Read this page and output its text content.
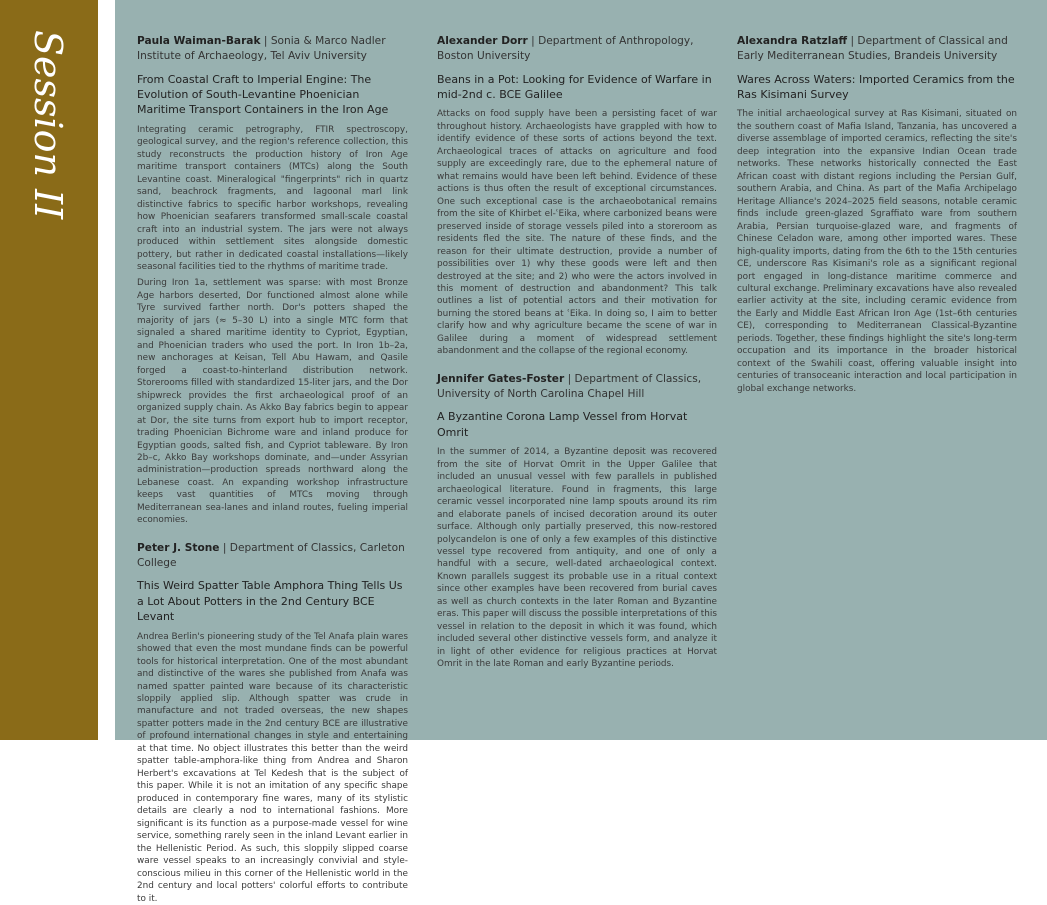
Session II	Paula Waiman-Barak | Sonia & Marco Nadler Institute of Archaeology, Tel Aviv University

From Coastal Craft to Imperial Engine: The Evolution of South-Levantine Phoenician Maritime Transport Containers in the Iron Age

Integrating ceramic petrography, FTIR spectroscopy, geological survey, and the region's reference collection, this study reconstructs the production history of Iron Age maritime transport containers (MTCs) along the South Levantine coast. Mineralogical "fingerprints" rich in quartz sand, beachrock fragments, and lagoonal marl link distinctive fabrics to specific harbor workshops, revealing how Phoenician seafarers transformed small-scale coastal craft into an industrial system. The jars were not always produced within settlement sites alongside domestic pottery, but rather in dedicated coastal installations—likely seasonal facilities tied to the rhythms of maritime trade.

During Iron 1a, settlement was sparse: with most Bronze Age harbors deserted, Dor functioned almost alone while Tyre survived farther north. Dor's potters shaped the majority of jars (≈ 5–30 L) into a single MTC form that signaled a shared maritime identity to Cypriot, Egyptian, and Phoenician traders who used the port. In Iron 1b–2a, new anchorages at Keisan, Tell Abu Hawam, and Qasile forged a coast-to-hinterland distribution network. Storerooms filled with standardized 15-liter jars, and the Dor shipwreck provides the first archaeological proof of an organized supply chain. As Akko Bay fabrics begin to appear at Dor, the site turns from export hub to import receptor, trading Phoenician Bichrome ware and inland produce for Egyptian goods, salted fish, and Cypriot tableware. By Iron 2b–c, Akko Bay workshops dominate, and—under Assyrian administration—production spreads northward along the Lebanese coast. An expanding workshop infrastructure keeps vast quantities of MTCs moving through Mediterranean sea-lanes and inland routes, fueling imperial economies.

Peter J. Stone | Department of Classics, Carleton College

This Weird Spatter Table Amphora Thing Tells Us a Lot About Potters in the 2nd Century BCE Levant

Andrea Berlin's pioneering study of the Tel Anafa plain wares showed that even the most mundane finds can be powerful tools for historical interpretation. One of the most abundant and distinctive of the wares she published from Anafa was named spatter painted ware because of its characteristic sloppily applied slip. Although spatter was crude in manufacture and not traded overseas, the new shapes spatter potters made in the 2nd century BCE are illustrative of profound international changes in style and entertaining at that time. No object illustrates this better than the weird spatter table-amphora-like thing from Andrea and Sharon Herbert's excavations at Tel Kedesh that is the subject of this paper. While it is not an imitation of any specific shape produced in contemporary fine wares, many of its stylistic details are clearly a nod to international fashions. More significant is its function as a purpose-made vessel for wine service, something rarely seen in the inland Levant earlier in the Hellenistic Period. As such, this sloppily slipped coarse ware vessel speaks to an increasingly convivial and style-conscious milieu in this corner of the Hellenistic world in the 2nd century and local potters' colorful efforts to contribute to it.

Alexander Dorr | Department of Anthropology, Boston University

Beans in a Pot: Looking for Evidence of Warfare in mid-2nd c. BCE Galilee

Attacks on food supply have been a persisting facet of war throughout history. Archaeologists have grappled with how to identify evidence of these sorts of actions beyond the text. Archaeological traces of attacks on agriculture and food supply are exceedingly rare, due to the ephemeral nature of what remains would have been left behind. Evidence of these actions is thus often the result of exceptional circumstances. One such exceptional case is the archaeobotanical remains from the site of Khirbet el-ʿEika, where carbonized beans were preserved inside of storage vessels piled into a storeroom as residents fled the site. The nature of these finds, and the reason for their ultimate destruction, provide a number of possibilities over 1) why these goods were left and then destroyed at the site; and 2) who were the actors involved in this moment of destruction and abandonment? This talk outlines a list of potential actors and their motivation for burning the stored beans at ʿEika. In doing so, I aim to better clarify how and why agriculture became the scene of war in Galilee during a moment of widespread settlement abandonment and the collapse of the regional economy.

Jennifer Gates-Foster | Department of Classics, University of North Carolina Chapel Hill

A Byzantine Corona Lamp Vessel from Horvat Omrit

In the summer of 2014, a Byzantine deposit was recovered from the site of Horvat Omrit in the Upper Galilee that included an unusual vessel with few parallels in published archaeological literature. Found in fragments, this large ceramic vessel incorporated nine lamp spouts around its rim and elaborate panels of incised decoration around its outer surface. Although only partially preserved, this now-restored polycandelon is one of only a few examples of this distinctive vessel type recovered from antiquity, and one of only a handful with a secure, well-dated archaeological context. Known parallels suggest its probable use in a ritual context since other examples have been recovered from burial caves as well as church contexts in the later Roman and Byzantine eras. This paper will discuss the possible interpretations of this vessel in relation to the deposit in which it was found, which included several other distinctive vessels form, and analyze it in light of other evidence for religious practices at Horvat Omrit in the late Roman and early Byzantine periods.

Alexandra Ratzlaff | Department of Classical and Early Mediterranean Studies, Brandeis University

Wares Across Waters: Imported Ceramics from the Ras Kisimani Survey

The initial archaeological survey at Ras Kisimani, situated on the southern coast of Mafia Island, Tanzania, has uncovered a diverse assemblage of imported ceramics, reflecting the site's deep integration into the expansive Indian Ocean trade networks. These networks historically connected the East African coast with distant regions including the Persian Gulf, southern Arabia, and China. As part of the Mafia Archipelago Heritage Alliance's 2024–2025 field seasons, notable ceramic finds include green-glazed Sgraffiato ware from southern Arabia, Persian turquoise-glazed ware, and fragments of Chinese Celadon ware, among other imported wares. These high-quality imports, dating from the 6th to the 15th centuries CE, underscore Ras Kisimani's role as a significant regional port engaged in long-distance maritime commerce and cultural exchange. Preliminary excavations have also revealed earlier activity at the site, including ceramic evidence from the Early and Middle East African Iron Age (1st–6th centuries CE), corresponding to Mediterranean Classical-Byzantine periods. Together, these findings highlight the site's long-term occupation and its importance in the broader historical context of the Swahili coast, offering valuable insight into centuries of transoceanic interaction and local participation in global exchange networks.
